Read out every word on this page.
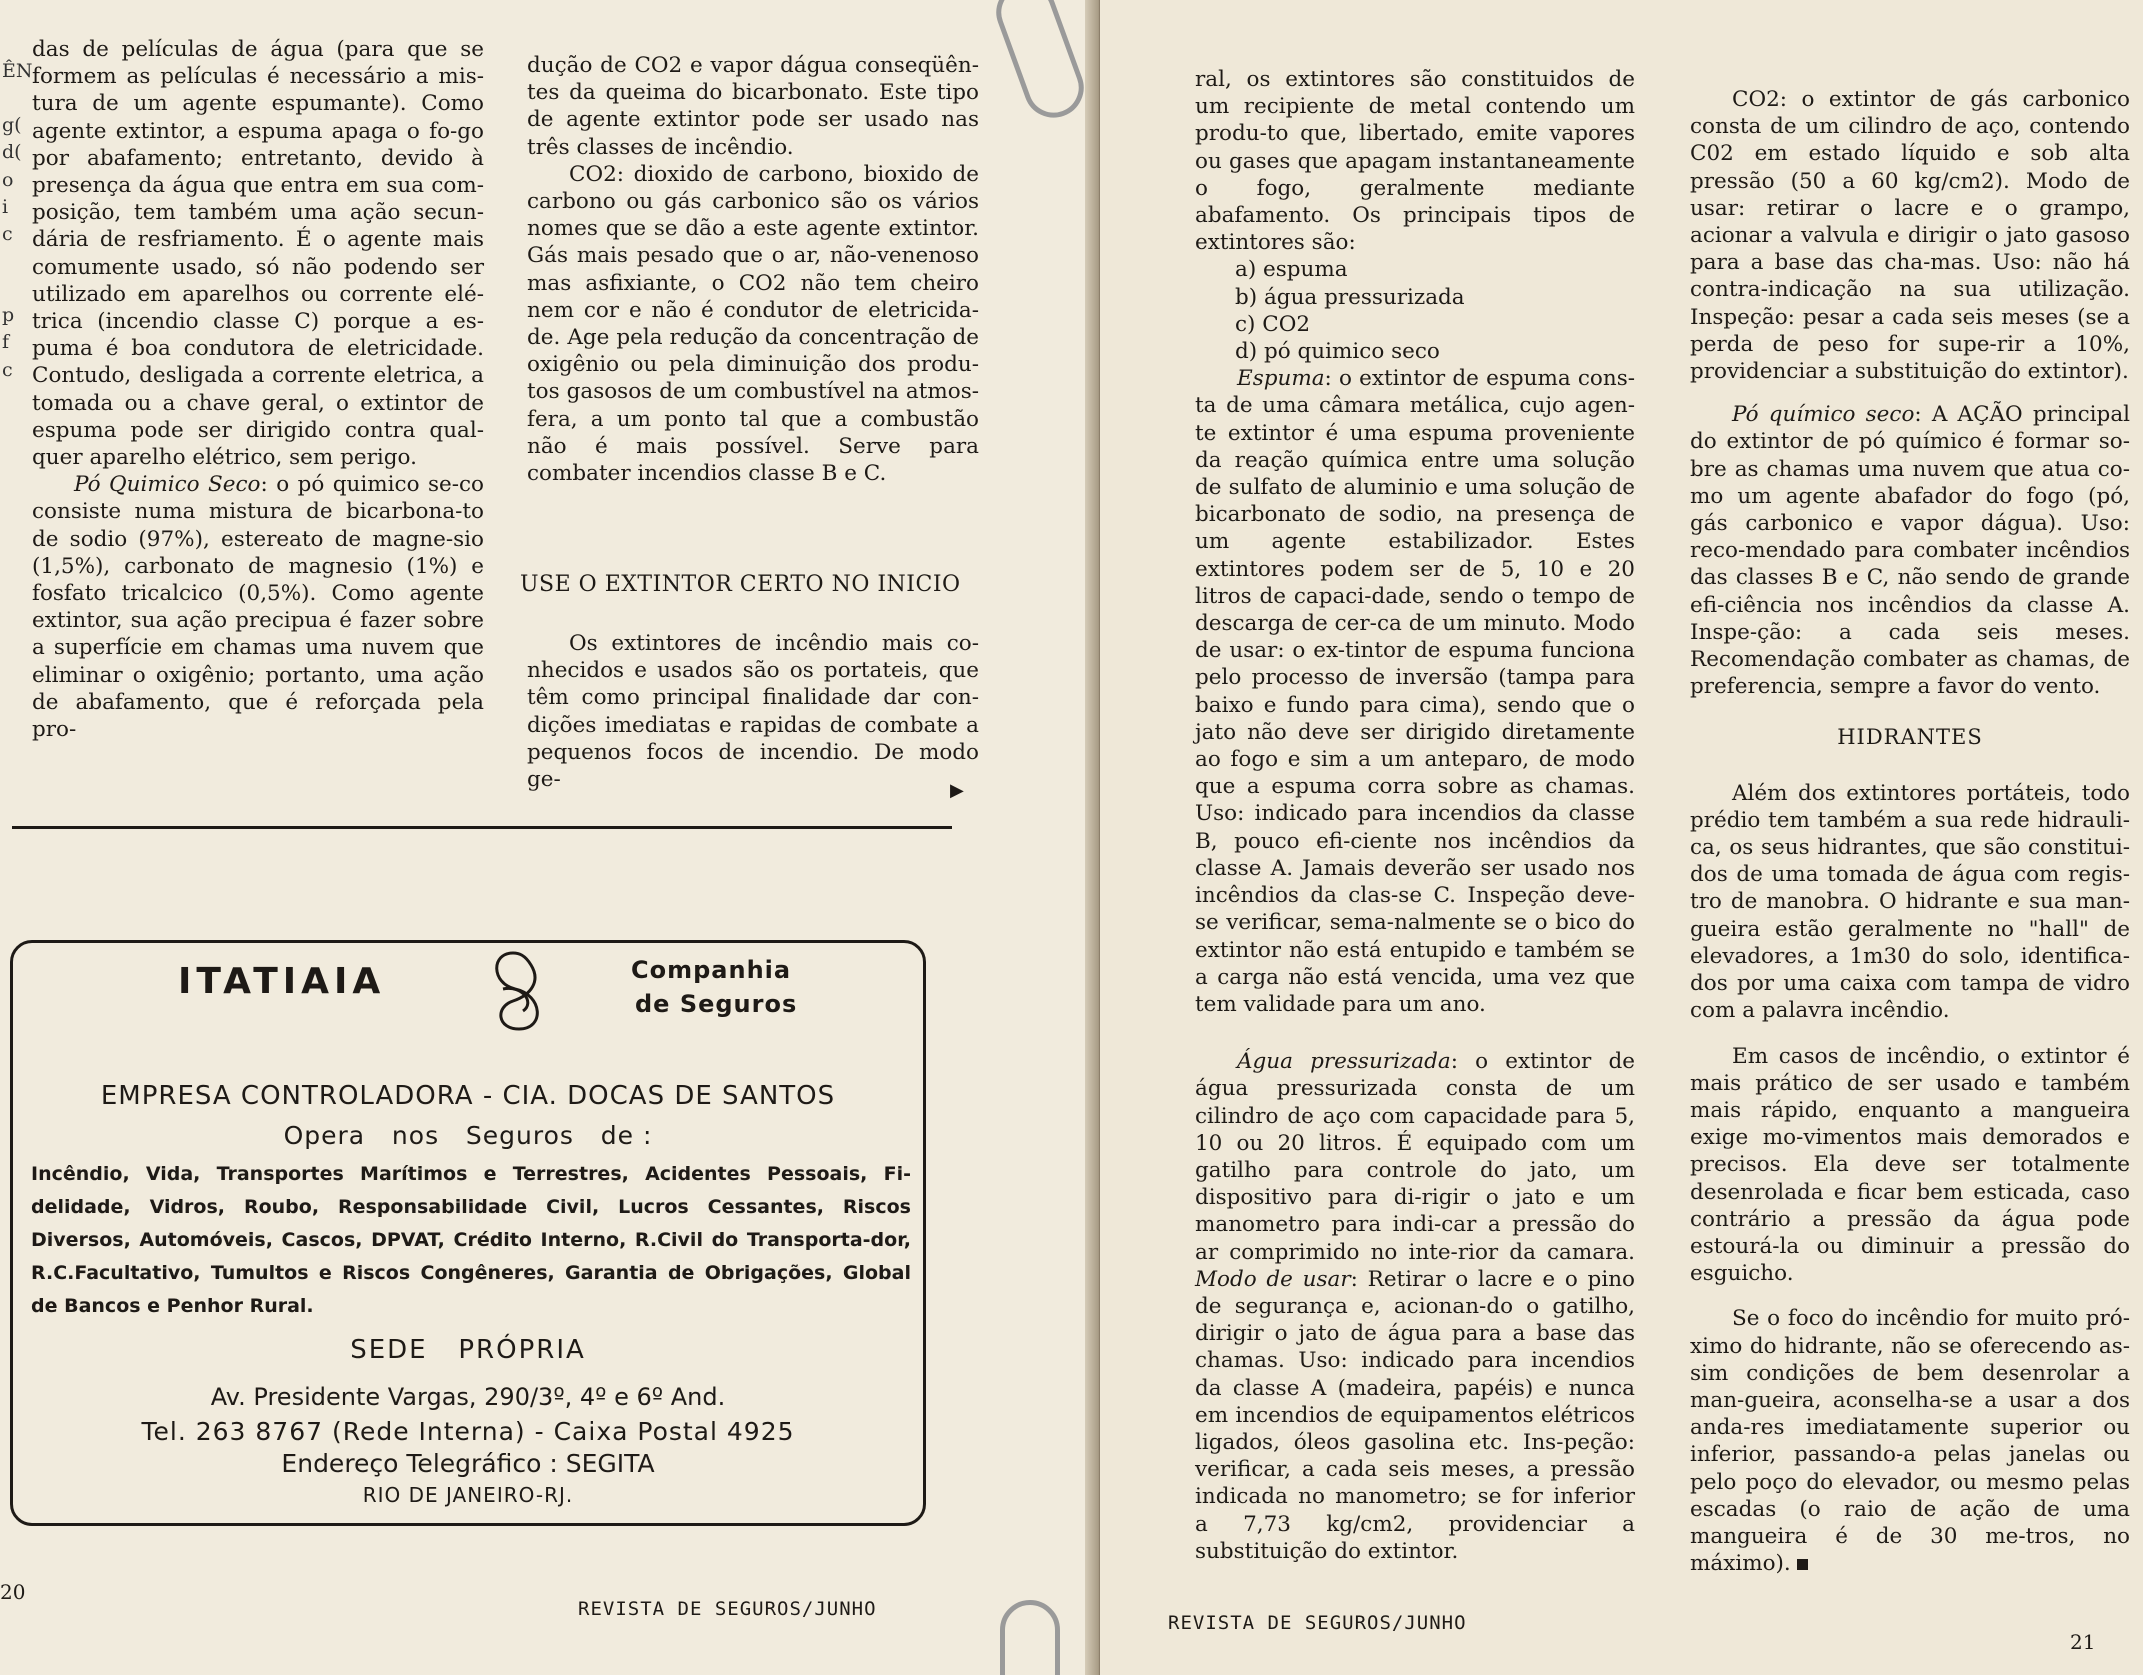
ÊN
g(
d(
o
i
c
p
f
c

das de películas de água (para que se formem as películas é necessário a mis-tura de um agente espumante). Como agente extintor, a espuma apaga o fo-go por abafamento; entretanto, devido à presença da água que entra em sua com-posição, tem também uma ação secun-dária de resfriamento. É o agente mais comumente usado, só não podendo ser utilizado em aparelhos ou corrente elé-trica (incendio classe C) porque a es-puma é boa condutora de eletricidade. Contudo, desligada a corrente eletrica, a tomada ou a chave geral, o extintor de espuma pode ser dirigido contra qual-quer aparelho elétrico, sem perigo.

Pó Quimico Seco: o pó quimico se-co consiste numa mistura de bicarbona-to de sodio (97%), estereato de magne-sio (1,5%), carbonato de magnesio (1%) e fosfato tricalcico (0,5%). Como agente extintor, sua ação precipua é fazer sobre a superfície em chamas uma nuvem que eliminar o oxigênio; portanto, uma ação de abafamento, que é reforçada pela pro-

dução de CO2 e vapor dágua conseqüên-tes da queima do bicarbonato. Este tipo de agente extintor pode ser usado nas três classes de incêndio.

CO2: dioxido de carbono, bioxido de carbono ou gás carbonico são os vários nomes que se dão a este agente extintor. Gás mais pesado que o ar, não-venenoso mas asfixiante, o CO2 não tem cheiro nem cor e não é condutor de eletricida-de. Age pela redução da concentração de oxigênio ou pela diminuição dos produ-tos gasosos de um combustível na atmos-fera, a um ponto tal que a combustão não é mais possível. Serve para combater incendios classe B e C.

USE O EXTINTOR CERTO NO INICIO

Os extintores de incêndio mais co-nhecidos e usados são os portateis, que têm como principal finalidade dar con-dições imediatas e rapidas de combate a pequenos focos de incendio. De modo ge-	▶
ITATIAIA	Companhia
de Seguros
EMPRESA CONTROLADORA - CIA. DOCAS DE SANTOS
Opera   nos   Seguros   de :
Incêndio, Vida, Transportes Marítimos e Terrestres, Acidentes Pessoais, Fi-delidade, Vidros, Roubo, Responsabilidade Civil, Lucros Cessantes, Riscos Diversos, Automóveis, Cascos, DPVAT, Crédito Interno, R.Civil do Transporta-dor, R.C.Facultativo, Tumultos e Riscos Congêneres, Garantia de Obrigações, Global de Bancos e Penhor Rural.
SEDE   PRÓPRIA
Av. Presidente Vargas, 290/3º, 4º e 6º And.
Tel. 263 8767 (Rede Interna) - Caixa Postal 4925
Endereço Telegráfico : SEGITA
RIO DE JANEIRO-RJ.
20
REVISTA DE SEGUROS/JUNHO

ral, os extintores são constituidos de um recipiente de metal contendo um produ-to que, libertado, emite vapores ou gases que apagam instantaneamente o fogo, geralmente mediante abafamento. Os principais tipos de extintores são:

a) espuma
b) água pressurizada
c) CO2
d) pó quimico seco

Espuma: o extintor de espuma cons-ta de uma câmara metálica, cujo agen-te extintor é uma espuma proveniente da reação química entre uma solução de sulfato de aluminio e uma solução de bicarbonato de sodio, na presença de um agente estabilizador. Estes extintores podem ser de 5, 10 e 20 litros de capaci-dade, sendo o tempo de descarga de cer-ca de um minuto. Modo de usar: o ex-tintor de espuma funciona pelo processo de inversão (tampa para baixo e fundo para cima), sendo que o jato não deve ser dirigido diretamente ao fogo e sim a um anteparo, de modo que a espuma corra sobre as chamas. Uso: indicado para incendios da classe B, pouco efi-ciente nos incêndios da classe A. Jamais deverão ser usado nos incêndios da clas-se C. Inspeção deve-se verificar, sema-nalmente se o bico do extintor não está entupido e também se a carga não está vencida, uma vez que tem validade para um ano.

Água pressurizada: o extintor de água pressurizada consta de um cilindro de aço com capacidade para 5, 10 ou 20 litros. É equipado com um gatilho para controle do jato, um dispositivo para di-rigir o jato e um manometro para indi-car a pressão do ar comprimido no inte-rior da camara. Modo de usar: Retirar o lacre e o pino de segurança e, acionan-do o gatilho, dirigir o jato de água para a base das chamas. Uso: indicado para incendios da classe A (madeira, papéis) e nunca em incendios de equipamentos elétricos ligados, óleos gasolina etc. Ins-peção: verificar, a cada seis meses, a pressão indicada no manometro; se for inferior a 7,73 kg/cm2, providenciar a substituição do extintor.

CO2: o extintor de gás carbonico consta de um cilindro de aço, contendo C02 em estado líquido e sob alta pressão (50 a 60 kg/cm2). Modo de usar: retirar o lacre e o grampo, acionar a valvula e dirigir o jato gasoso para a base das cha-mas. Uso: não há contra-indicação na sua utilização. Inspeção: pesar a cada seis meses (se a perda de peso for supe-rir a 10%, providenciar a substituição do extintor).

Pó químico seco: A AÇÃO principal do extintor de pó químico é formar so-bre as chamas uma nuvem que atua co-mo um agente abafador do fogo (pó, gás carbonico e vapor dágua). Uso: reco-mendado para combater incêndios das classes B e C, não sendo de grande efi-ciência nos incêndios da classe A. Inspe-ção: a cada seis meses. Recomendação combater as chamas, de preferencia, sempre a favor do vento.

HIDRANTES

Além dos extintores portáteis, todo prédio tem também a sua rede hidrauli-ca, os seus hidrantes, que são constitui-dos de uma tomada de água com regis-tro de manobra. O hidrante e sua man-gueira estão geralmente no "hall" de elevadores, a 1m30 do solo, identifica-dos por uma caixa com tampa de vidro com a palavra incêndio.

Em casos de incêndio, o extintor é mais prático de ser usado e também mais rápido, enquanto a mangueira exige mo-vimentos mais demorados e precisos. Ela deve ser totalmente desenrolada e ficar bem esticada, caso contrário a pressão da água pode estourá-la ou diminuir a pressão do esguicho.

Se o foco do incêndio for muito pró-ximo do hidrante, não se oferecendo as-sim condições de bem desenrolar a man-gueira, aconselha-se a usar a dos anda-res imediatamente superior ou inferior, passando-a pelas janelas ou pelo poço do elevador, ou mesmo pelas escadas (o raio de ação de uma mangueira é de 30 me-tros, no máximo).

REVISTA DE SEGUROS/JUNHO
21
